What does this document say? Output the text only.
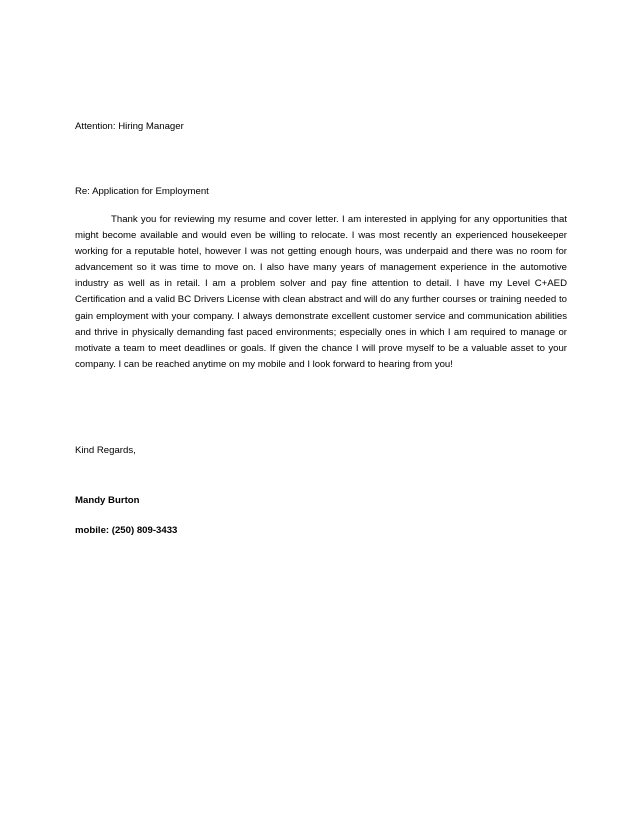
Attention: Hiring Manager
Re: Application for Employment

Thank you for reviewing my resume and cover letter. I am interested in applying for any opportunities that might become available and would even be willing to relocate. I was most recently an experienced housekeeper working for a reputable hotel, however I was not getting enough hours, was underpaid and there was no room for advancement so it was time to move on. I also have many years of management experience in the automotive industry as well as in retail. I am a problem solver and pay fine attention to detail. I have my Level C+AED Certification and a valid BC Drivers License with clean abstract and will do any further courses or training needed to gain employment with your company. I always demonstrate excellent customer service and communication abilities and thrive in physically demanding fast paced environments; especially ones in which I am required to manage or motivate a team to meet deadlines or goals. If given the chance I will prove myself to be a valuable asset to your company. I can be reached anytime on my mobile and I look forward to hearing from you!

Kind Regards,
Mandy Burton
mobile: (250) 809-3433
